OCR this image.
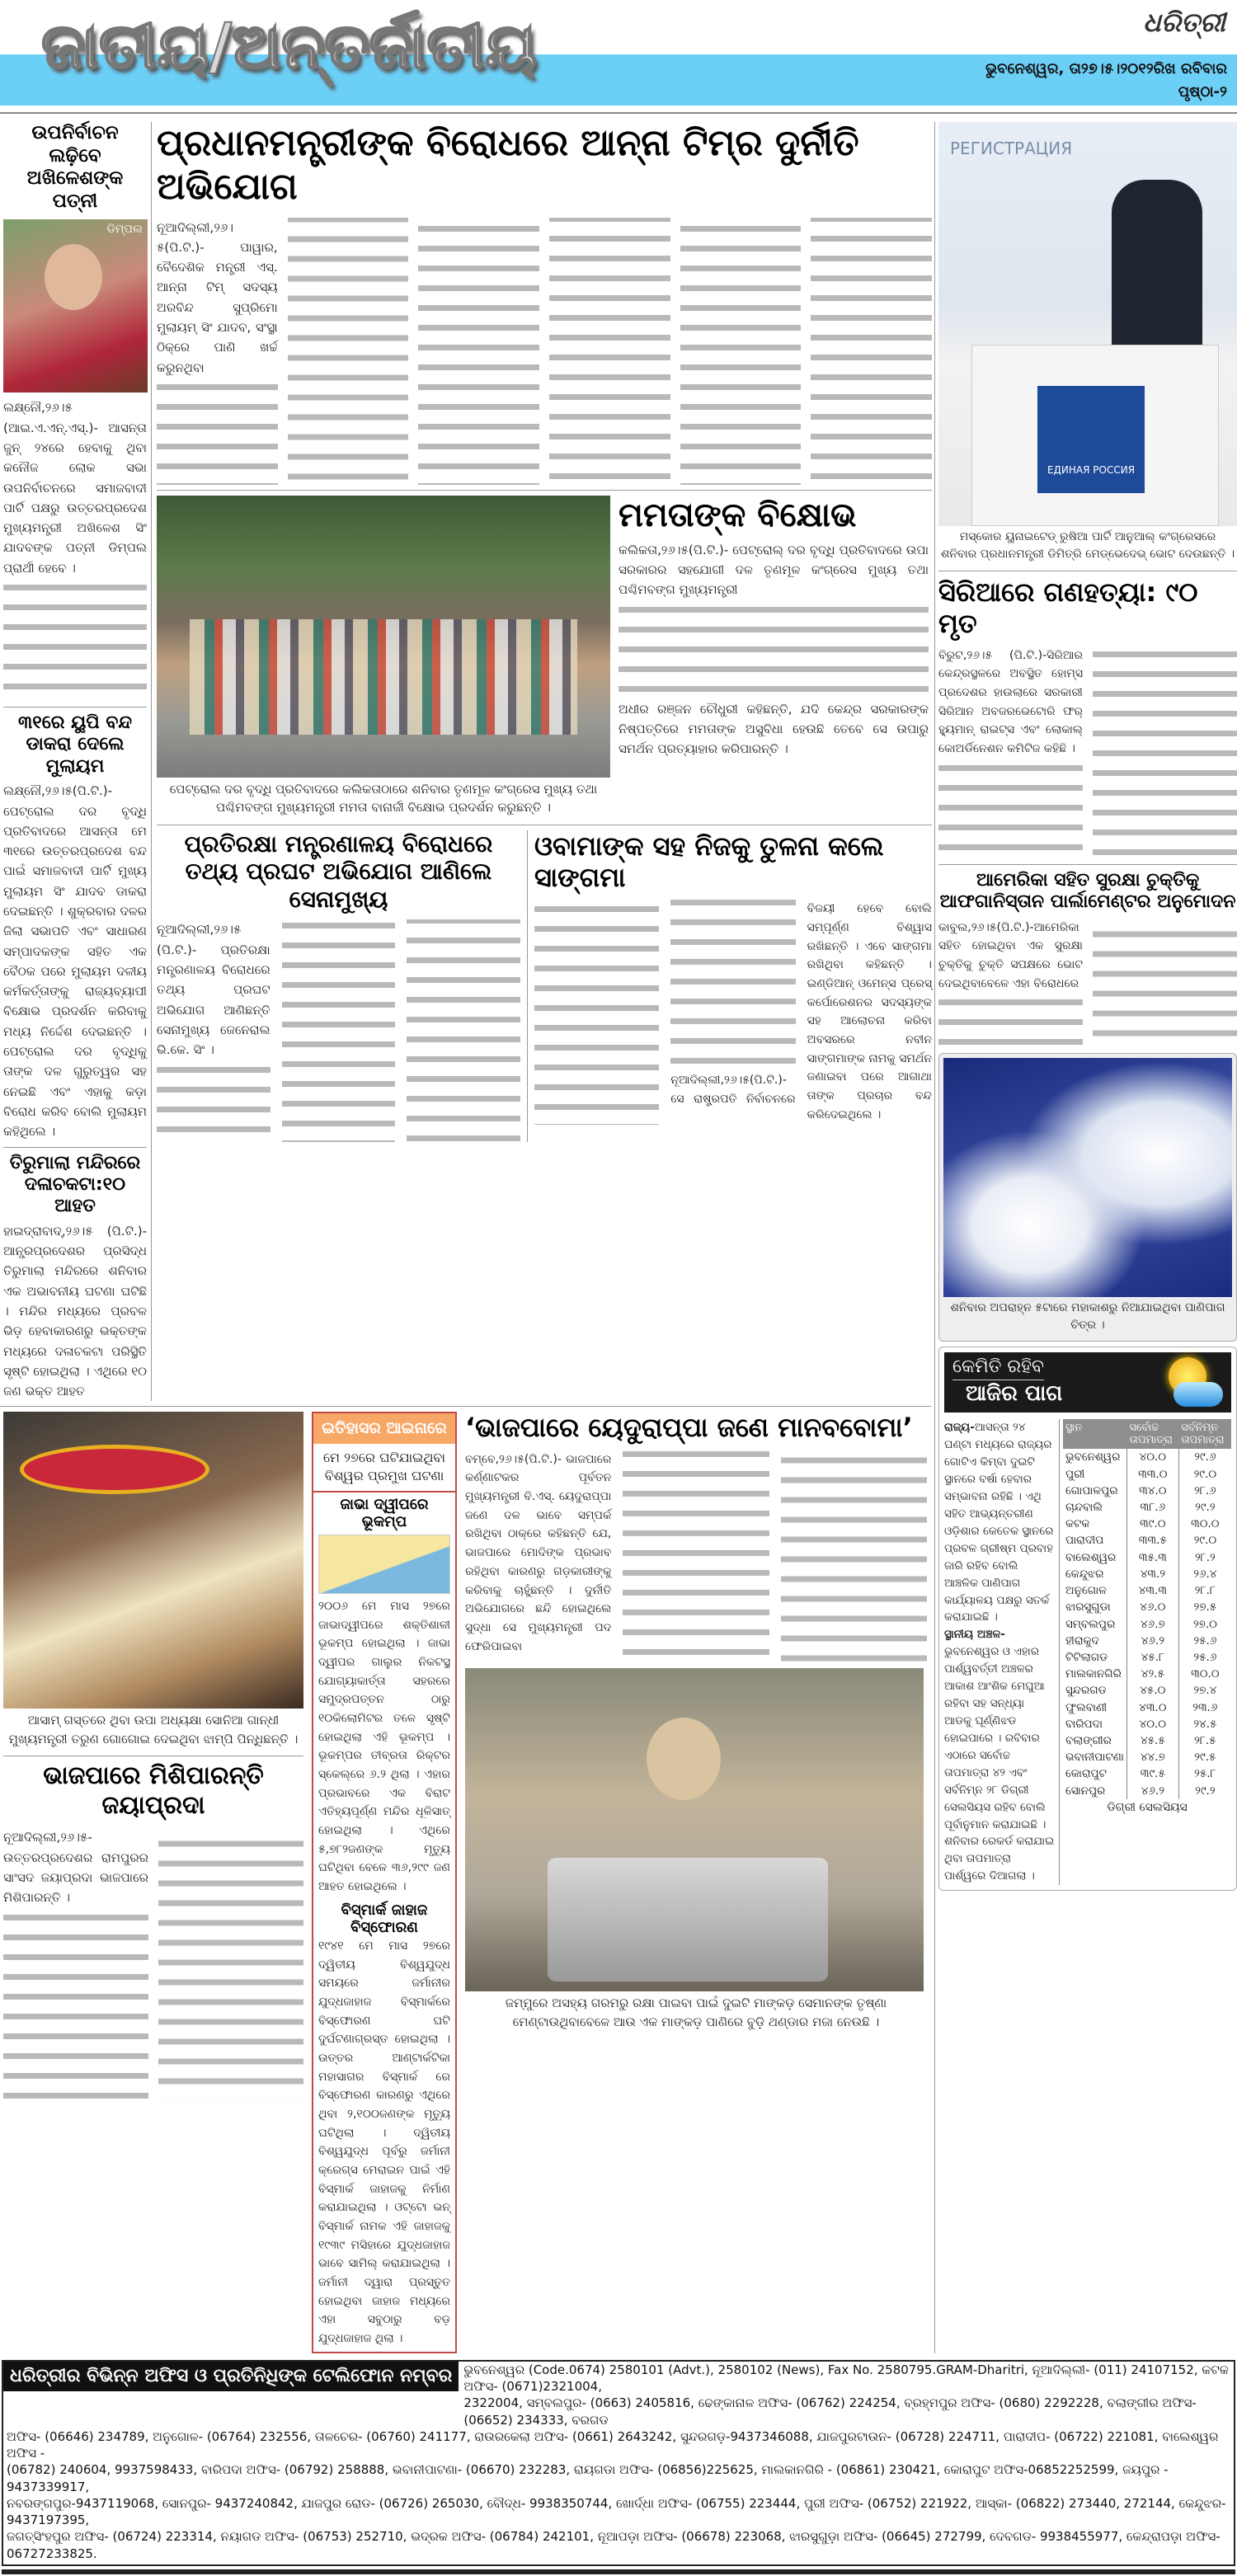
ଜାତୀୟ/ଅନ୍ତର୍ଜାତୀୟ	ଧରିତ୍ରୀ
ଭୁବନେଶ୍ୱର, ତା୨୭।୫।୨୦୧୨ରିଖ ରବିବାର
ପୃଷ୍ଠା-୨
ଉପନିର୍ବାଚନ ଲଢ଼ିବେ ଅଖିଳେଶଙ୍କ ପତ୍ନୀ
ଡିମ୍ପଲ

ଲକ୍ଷ୍ନୌ,୨୬।୫ (ଆଇ.ଏ.ଏନ୍.ଏସ୍.)- ଆସନ୍ତା ଜୁନ୍ ୨୪ରେ ହେବାକୁ ଥିବା କନୌଜ ଲୋକ ସଭା ଉପନିର୍ବାଚନରେ ସମାଜବାଦୀ ପାର୍ଟି ପକ୍ଷରୁ ଉତ୍ତରପ୍ରଦେଶ ମୁଖ୍ୟମନ୍ତ୍ରୀ ଅଖିଳେଶ ସିଂ ଯାଦବଙ୍କ ପତ୍ନୀ ଡିମ୍ପଲ ପ୍ରାର୍ଥୀ ହେବେ ।

୩୧ରେ ୟୁପି ବନ୍ଦ ଡାକରା ଦେଲେ ମୁଲାୟମ

ଲକ୍ଷ୍ନୌ,୨୬।୫(ପି.ଟି.)-ପେଟ୍ରୋଲ ଦର ବୃଦ୍ଧି ପ୍ରତିବାଦରେ ଆସନ୍ତା ମେ ୩୧ରେ ଉତ୍ତରପ୍ରଦେଶ ବନ୍ଦ ପାଇଁ ସମାଜବାଦୀ ପାର୍ଟି ମୁଖ୍ୟ ମୁଲାୟମ ସିଂ ଯାଦବ ଡାକରା ଦେଇଛନ୍ତି । ଶୁକ୍ରବାର ଦଳର ଜିଲା ସଭାପତି ଏବଂ ସାଧାରଣ ସମ୍ପାଦକଙ୍କ ସହିତ ଏକ ବୈଠକ ପରେ ମୁଲାୟମ ଦଳୀୟ କର୍ମକର୍ତ୍ତାଙ୍କୁ ରାଜ୍ୟବ୍ୟାପୀ ବିକ୍ଷୋଭ ପ୍ରଦର୍ଶନ କରିବାକୁ ମଧ୍ୟ ନିର୍ଦ୍ଦେଶ ଦେଇଛନ୍ତି । ପେଟ୍ରୋଲ ଦର ବୃଦ୍ଧିକୁ ତାଙ୍କ ଦଳ ଗୁରୁତ୍ୱର ସହ ନେଇଛି ଏବଂ ଏହାକୁ କଡ଼ା ବିରୋଧ କରିବ ବୋଲି ମୁଲାୟମ କହିଥିଲେ ।

ତିରୁମାଲା ମନ୍ଦିରରେ ଦଳାଚକଟା:୧୦ ଆହତ

ହାଇଦ୍ରାବାଦ୍,୨୬।୫ (ପି.ଟି.)- ଆନ୍ଧ୍ରପ୍ରଦେଶର ପ୍ରସିଦ୍ଧ ତିରୁମାଲା ମନ୍ଦିରରେ ଶନିବାର ଏକ ଅଭାବନୀୟ ଘଟଣା ଘଟିଛି । ମନ୍ଦିର ମଧ୍ୟରେ ପ୍ରବଳ ଭିଡ଼ ହେବାକାରଣରୁ ଭକ୍ତଙ୍କ ମଧ୍ୟରେ ଦଳାଚକଟା ପରିସ୍ଥିତି ସୃଷ୍ଟି ହୋଇଥିଲା । ଏଥିରେ ୧୦ ଜଣ ଭକ୍ତ ଆହତ

ପ୍ରଧାନମନ୍ତ୍ରୀଙ୍କ ବିରୋଧରେ ଆନ୍ନା ଟିମ୍‌ର ଦୁର୍ନୀତି ଅଭିଯୋଗ

ନୂଆଦିଲ୍ଲୀ,୨୬।୫(ପି.ଟି.)- ପାୱାର, ବୈଦେଶିକ ମନ୍ତ୍ରୀ ଏସ୍. ଆନ୍ନା ଟିମ୍ ସଦସ୍ୟ ଅରବିନ୍ଦ ସୁପ୍ରିମୋ ମୁଲାୟମ୍ ସିଂ ଯାଦବ, ସଂସ୍ଥା ଠିକ୍‌ରେ ପାଣି ଖର୍ଚ୍ଚ କରୁନଥିବା

ପେଟ୍ରୋଲ ଦର ବୃଦ୍ଧି ପ୍ରତିବାଦରେ କଲିକତାଠାରେ ଶନିବାର ତୃଣମୂଳ କଂଗ୍ରେସ ମୁଖ୍ୟ ତଥା ପଶ୍ଚିମବଙ୍ଗ ମୁଖ୍ୟମନ୍ତ୍ରୀ ମମତା ବାନାର୍ଜୀ ବିକ୍ଷୋଭ ପ୍ରଦର୍ଶନ କରୁଛନ୍ତି ।
ମମତାଙ୍କ ବିକ୍ଷୋଭ

କଲିକତା,୨୬।୫(ପି.ଟି.)- ପେଟ୍ରୋଲ୍ ଦର ବୃଦ୍ଧି ପ୍ରତିବାଦରେ ଉପା ସରକାରର ସହଯୋଗୀ ଦଳ ତୃଣମୂଳ କଂଗ୍ରେସ ମୁଖ୍ୟ ତଥା ପଶ୍ଚିମବଙ୍ଗ ମୁଖ୍ୟମନ୍ତ୍ରୀ

ଅଧୀର ରଞ୍ଜନ ଚୌଧୁରୀ କହିଛନ୍ତି, ଯଦି କେନ୍ଦ୍ର ସରକାରଙ୍କ ନିଷ୍ପତ୍ତିରେ ମମତାଙ୍କ ଅସୁବିଧା ହେଉଛି ତେବେ ସେ ଉପାରୁ ସମର୍ଥନ ପ୍ରତ୍ୟାହାର କରିପାରନ୍ତି ।

ପ୍ରତିରକ୍ଷା ମନ୍ତ୍ରଣାଳୟ ବିରୋଧରେ ତଥ୍ୟ ପ୍ରଘଟ ଅଭିଯୋଗ ଆଣିଲେ ସେନାମୁଖ୍ୟ

ନୂଆଦିଲ୍ଲୀ,୨୬।୫ (ପି.ଟି.)- ପ୍ରତିରକ୍ଷା ମନ୍ତ୍ରଣାଳୟ ବିରୋଧରେ ତଥ୍ୟ ପ୍ରଘଟ ଅଭିଯୋଗ ଆଣିଛନ୍ତି ସେନାମୁଖ୍ୟ ଜେନେରାଲ ଭି.କେ. ସିଂ ।

ଓବାମାଙ୍କ ସହ ନିଜକୁ ତୁଳନା କଲେ ସାଙ୍ଗମା

ନୂଆଦିଲ୍ଲୀ,୨୬।୫(ପି.ଟି.)- ସେ ରାଷ୍ଟ୍ରପତି ନିର୍ବାଚନରେ ବିଜୟୀ ହେବେ ବୋଲି ସମ୍ପୂର୍ଣ୍ଣ ବିଶ୍ୱାସ ରଖିଛନ୍ତି । ଏବେ ସାଙ୍ଗମା ରଖିଥିବା କହିଛନ୍ତି । ଇଣ୍ଡିଆନ୍ ଓମେନ୍ସ ପ୍ରେସ୍ କର୍ପୋରେଶନର ସଦସ୍ୟଙ୍କ ସହ ଆଲୋଚନା କରିବା ଅବସରରେ ନବୀନ ସାଙ୍ଗମାଙ୍କ ନାମକୁ ସମର୍ଥନ ଜଣାଇବା ପରେ ଆଗାଥା ତାଙ୍କ ପ୍ରଚାର ବନ୍ଦ କରିଦେଇଥିଲେ ।

ଆସାମ୍ ଗସ୍ତରେ ଥିବା ଉପା ଅଧ୍ୟକ୍ଷା ସୋନିଆ ଗାନ୍ଧୀ ମୁଖ୍ୟମନ୍ତ୍ରୀ ତରୁଣ ଗୋଗୋଇ ଦେଇଥିବା ଝାମ୍ପି ପିନ୍ଧିଛନ୍ତି ।
ଭାଜପାରେ ମିଶିପାରନ୍ତି ଜୟାପ୍ରଦା

ନୂଆଦିଲ୍ଲୀ,୨୬।୫- ଉତ୍ତରପ୍ରଦେଶର ରାମପୁରର ସାଂସଦ ଜୟାପ୍ରଦା ଭାଜପାରେ ମିଶିପାରନ୍ତି ।

ଇତିହାସର ଆଇନାରେ
ମେ ୨୭ରେ ଘଟିଯାଇଥିବା ବିଶ୍ୱର ପ୍ରମୁଖ ଘଟଣା
ଜାଭା ଦ୍ୱୀପରେ ଭୂକମ୍ପ

୨୦୦୬ ମେ ମାସ ୨୭ରେ ଜାଭାଦ୍ୱୀପରେ ଶକ୍ତିଶାଳୀ ଭୂକମ୍ପ ହୋଇଥିଲା । ଜାଭା ଦ୍ୱୀପର ଗାଲୁର ନିକଟସ୍ଥ ଯୋଗ୍ୟାକାର୍ତ୍ତା ସହରରେ ସମୁଦ୍ରପତ୍ତନ ଠାରୁ ୧୦କିଲୋମିଟର ତଳେ ସୃଷ୍ଟି ହୋଇଥିଲା ଏହି ଭୂକମ୍ପ । ଭୂକମ୍ପର ତୀବ୍ରତା ରିକ୍ଟର ସ୍କେଲ୍‌ରେ ୬.୨ ଥିଲା । ଏହାର ପ୍ରଭାବରେ ଏକ ବିରାଟ ଏତିହ୍ୟପୂର୍ଣ୍ଣ ମନ୍ଦିର ଧୂଳିସାତ୍ ହୋଇଥିଲା । ଏଥିରେ ୫,୭୮୨ଜଣଙ୍କ ମୃତ୍ୟୁ ଘଟିଥିବା ବେଳେ ୩୬,୨୯୯ ଜଣ ଆହତ ହୋଇଥିଲେ ।

ବିସ୍‌ମାର୍କ ଜାହାଜ ବିସ୍ଫୋରଣ

୧୯୪୧ ମେ ମାସ ୨୭ରେ ଦ୍ୱିତୀୟ ବିଶ୍ୱଯୁଦ୍ଧ ସମୟରେ ଜର୍ମାନୀର ଯୁଦ୍ଧଜାହାଜ ବିସ୍‌ମାର୍କରେ ବିସ୍ଫୋରଣ ଘଟି ଦୁର୍ଘଟଣାଗ୍ରସ୍ତ ହୋଇଥିଲା । ଉତ୍ତର ଆଣ୍ଟାର୍କଟିକା ମହାସାଗର ବିସ୍‌ମାର୍କ ରେ ବିସ୍ଫୋରଣ କାରଣରୁ ଏଥିରେ ଥିବା ୨,୧୦୦ଜଣଙ୍କ ମୃତ୍ୟୁ ଘଟିଥିଲା । ଦ୍ୱିତୀୟ ବିଶ୍ୱଯୁଦ୍ଧ ପୂର୍ବରୁ ଜର୍ମାନୀ କ୍ରେଗ୍‌ସ ମେରାଇନ ପାଇଁ ଏହି ବିସ୍‌ମାର୍କ ଜାହାଜକୁ ନିର୍ମାଣ କରାଯାଇଥିଲା । ଓଟ୍ଟୋ ଭନ୍ ବିସ୍‌ମାର୍କ ନାମକ ଏହି ଜାହାଜକୁ ୧୯୩୯ ମସିହାରେ ଯୁଦ୍ଧଜାହାଜ ଭାବେ ସାମିଲ୍ କରାଯାଇଥିଲା । ଜର୍ମାନୀ ଦ୍ୱାରା ପ୍ରସ୍ତୁତ ହୋଇଥିବା ଜାହାଜ ମଧ୍ୟରେ ଏହା ସବୁଠାରୁ ବଡ଼ ଯୁଦ୍ଧଜାହାଜ ଥିଲା ।

‘ଭାଜପାରେ ୟେଦୁରାପ୍ପା ଜଣେ ମାନବବୋମା’

ବମ୍ବେ,୨୬।୫(ପି.ଟି.)- ଭାଜପାରେ କର୍ଣ୍ଣାଟକର ପୂର୍ବତନ ମୁଖ୍ୟମନ୍ତ୍ରୀ ବି.ଏସ୍. ୟେଦୁରାପ୍ପା ଜଣେ ଦଳ ଭାବେ ସମ୍ପର୍କ ରଖିଥିବା ଠାକ୍‌ରେ କହିଛନ୍ତି ଯେ, ଭାଜପାରେ ମୋଦିଙ୍କ ପ୍ରଭାବ ରହିଥିବା କାରଣରୁ ଗଡ଼କାରୀଙ୍କୁ କରିବାକୁ ଚାହୁଁଛନ୍ତି । ଦୁର୍ନୀତି ଅଭିଯୋଗରେ ଛନ୍ଦି ହୋଇଥିଲେ ସୁଦ୍ଧା ସେ ମୁଖ୍ୟମନ୍ତ୍ରୀ ପଦ ଫେରିପାଇବା

ଜମ୍ମୁରେ ଅସହ୍ୟ ଗରମରୁ ରକ୍ଷା ପାଇବା ପାଇଁ ଦୁଇଟି ମାଙ୍କଡ଼ ସେମାନଙ୍କ ତୃଷ୍ଣା ମେଣ୍ଟାଉଥିବାବେଳେ ଆଉ ଏକ ମାଙ୍କଡ଼ ପାଣିରେ ବୁଡ଼ି ଥଣ୍ଡାର ମଜା ନେଉଛି ।
РЕГИСТРАЦИЯ
ЕДИНАЯ РОССИЯ
ମସ୍କୋର ୟୁନାଇଟେଡ୍ ରୁଷିଆ ପାର୍ଟି ଆନୁଆଲ୍ କଂଗ୍ରେସରେ ଶନିବାର ପ୍ରଧାନମନ୍ତ୍ରୀ ଡିମିତ୍ରି ମେଡ୍‌ଭେଦେଭ୍ ଭୋଟ ଦେଉଛନ୍ତି ।
ସିରିଆରେ ଗଣହତ୍ୟା: ୯୦ ମୃତ

ବିରୁଟ,୨୬।୫ (ପି.ଟି.)-ସିରିଆର କେନ୍ଦ୍ରସ୍ଥଳରେ ଅବସ୍ଥିତ ହୋମ୍ସ ପ୍ରଦେଶର ହାଉଲାରେ ସରକାରୀ ସିରିଆନ ଅବଜରଭେଟୋରି ଫର୍ ହ୍ୟୁମାନ୍ ରାଇଟ୍ସ ଏବଂ ଲୋକାଲ୍ କୋଅର୍ଡିନେଶନ କମିଟିଜ କହିଛି ।

ଆମେରିକା ସହିତ ସୁରକ୍ଷା ଚୁକ୍ତିକୁ ଆଫଗାନିସ୍ତାନ ପାର୍ଲାମେଣ୍ଟର ଅନୁମୋଦନ

କାବୁଲ,୨୬।୫(ପି.ଟି.)-ଆମେରିକା ସହିତ ହୋଇଥିବା ଏକ ସୁରକ୍ଷା ଚୁକ୍ତିକୁ ଚୁକ୍ତି ସପକ୍ଷରେ ଭୋଟ ଦେଇଥିବାବେଳେ ଏହା ବିରୋଧରେ

ଶନିବାର ଅପରାହ୍ନ ୫ଟାରେ ମହାକାଶରୁ ନିଆଯାଇଥିବା ପାଣିପାଗ ଚିତ୍ର ।
କେମିତି ରହିବ
ଆଜିର ପାଗ

ରାଜ୍ୟ-ଆସନ୍ତା ୨୪ ଘଣ୍ଟା ମଧ୍ୟରେ ରାଜ୍ୟର ଗୋଟିଏ କିମ୍ବା ଦୁଇଟି ସ୍ଥାନରେ ବର୍ଷା ହେବାର ସମ୍ଭାବନା ରହିଛି । ଏଥି ସହିତ ଆଭ୍ୟନ୍ତରୀଣ ଓଡ଼ିଶାର କେତେକ ସ୍ଥାନରେ ପ୍ରବଳ ଗ୍ରୀଷ୍ମ ପ୍ରବାହ ଜାରି ରହିବ ବୋଲି ଆଞ୍ଚଳିକ ପାଣିପାଗ କାର୍ଯ୍ୟାଳୟ ପକ୍ଷରୁ ସତର୍କ କରାଯାଇଛି ।

ସ୍ଥାନୀୟ ଅଞ୍ଚଳ- ଭୁବନେଶ୍ୱର ଓ ଏହାର ପାର୍ଶ୍ୱବର୍ତ୍ତୀ ଅଞ୍ଚଳର ଆକାଶ ଆଂଶିକ ମେଘୁଆ ରହିବା ସହ ସନ୍ଧ୍ୟା ଆଡକୁ ଘୂର୍ଣ୍ଣିଝଡ ହୋଇପାରେ । ରବିବାର ଏଠାରେ ସର୍ବୋଚ୍ଚ ତାପମାତ୍ରା ୪୨ ଏବଂ ସର୍ବନିମ୍ନ ୨୮ ଡିଗ୍ରୀ ସେଲସିୟସ ରହିବ ବୋଲି ପୂର୍ବାନୁମାନ କରାଯାଇଛି । ଶନିବାର ରେକର୍ଡ କରାଯାଇ ଥିବା ତାପମାତ୍ରା ପାର୍ଶ୍ୱରେ ଦିଆଗଲା ।

ସ୍ଥାନ	ସର୍ବୋଚ୍ଚ ତାପମାତ୍ରା	ସର୍ବନିମ୍ନ ତାପମାତ୍ରା
ଭୁବନେଶ୍ୱର	୪୦.୦	୨୯.୬
ପୁରୀ	୩୩.୦	୨୯.୦
ଗୋପାଳପୁର	୩୪.୦	୨୮.୬
ଚାନ୍ଦବାଲି	୩୮.୬	୨୯.୨
କଟକ	୩୯.୦	୩୦.୦
ପାରାଦୀପ	୩୩.୫	୨୯.୦
ବାଲେଶ୍ୱର	୩୫.୩	୨୮.୨
କେନ୍ଦୁଝର	୪୩.୨	୨୬.୪
ଅନୁଗୋଳ	୪୩.୩	୨୮.୮
ଝାରସୁଗୁଡା	୪୬.୦	୨୭.୫
ସମ୍ବଲପୁର	୪୬.୭	୨୭.୦
ହୀରାକୁଦ	୪୬.୨	୨୫.୬
ଟିଟିଲାଗଡ	୪୫.୮	୨୫.୬
ମାଲକାନଗିରି	୪୨.୫	୩୦.୦
ସୁନ୍ଦରଗଡ	୪୫.୦	୨୭.୪
ଫୁଲବାଣୀ	୪୩.୦	୨୩.୬
ବାରିପଦା	୪୦.୦	୨୪.୫
ବଲାଙ୍ଗୀର	୪୫.୫	୨୮.୫
ଭବାନୀପାଟଣା	୪୪.୭	୨୯.୫
କୋରାପୁଟ	୩୯.୫	୨୫.୮
ସୋନପୁର	୪୬.୨	୨୯.୨
ଡିଗ୍ରୀ ସେଲସିୟସ
ଧରିତ୍ରୀର ବିଭିନ୍ନ ଅଫିସ ଓ ପ୍ରତିନିଧିଙ୍କ ଟେଲିଫୋନ ନମ୍ବର ଭୁବନେଶ୍ୱର (Code.0674) 2580101 (Advt.), 2580102 (News), Fax No. 2580795.GRAM-Dharitri, ନୂଆଦିଲ୍ଲୀ- (011) 24107152, କଟକ ଅଫିସ- (0671)2321004,
2322004, ସମ୍ବଲପୁର- (0663) 2405816, ଢେଙ୍କାନାଳ ଅଫିସ- (06762) 224254, ବ୍ରହ୍ମପୁର ଅଫିସ- (0680) 2292228, ବଲାଙ୍ଗୀର ଅଫିସ- (06652) 234333, ବରଗଡ
ଅଫିସ- (06646) 234789, ଅନୁଗୋଳ- (06764) 232556, ତାଳଚେର- (06760) 241177, ରାଉରକେଲା ଅଫିସ- (0661) 2643242, ସୁନ୍ଦରଗଡ଼-9437346088, ଯାଜପୁରଟାଉନ- (06728) 224711, ପାରାଦୀପ- (06722) 221081, ବାଲେଶ୍ୱର ଅଫିସ -
(06782) 240604, 9937598433, ବାରିପଦା ଅଫିସ- (06792) 258888, ଭବାନୀପାଟଣା- (06670) 232283, ରାୟଗଡା ଅଫିସ- (06856)225625, ମାଲକାନଗିରି - (06861) 230421, କୋରାପୁଟ ଅଫିସ-06852252599, ଜୟପୁର - 9437339917,
ନବରଙ୍ଗପୁର-9437119068, ସୋନପୁର- 9437240842, ଯାଜପୁର ରୋଡ- (06726) 265030, ବୌଦ୍ଧ- 9938350744, ଖୋର୍ଦ୍ଧା ଅଫିସ- (06755) 223444, ପୁରୀ ଅଫିସ- (06752) 221922, ଆସ୍କା- (06822) 273440, 272144, କେନ୍ଦୁଝର- 9437197395,
ଜଗତ୍‌ସିଂହପୁର ଅଫିସ- (06724) 223314, ନୟାଗଡ ଅଫିସ- (06753) 252710, ଭଦ୍ରକ ଅଫିସ- (06784) 242101, ନୂଆପଡ଼ା ଅଫିସ- (06678) 223068, ଝାରସୁଗୁଡ଼ା ଅଫିସ- (06645) 272799, ଦେବଗଡ- 9938455977, କେନ୍ଦ୍ରାପଡ଼ା ଅଫିସ- 06727233825.
